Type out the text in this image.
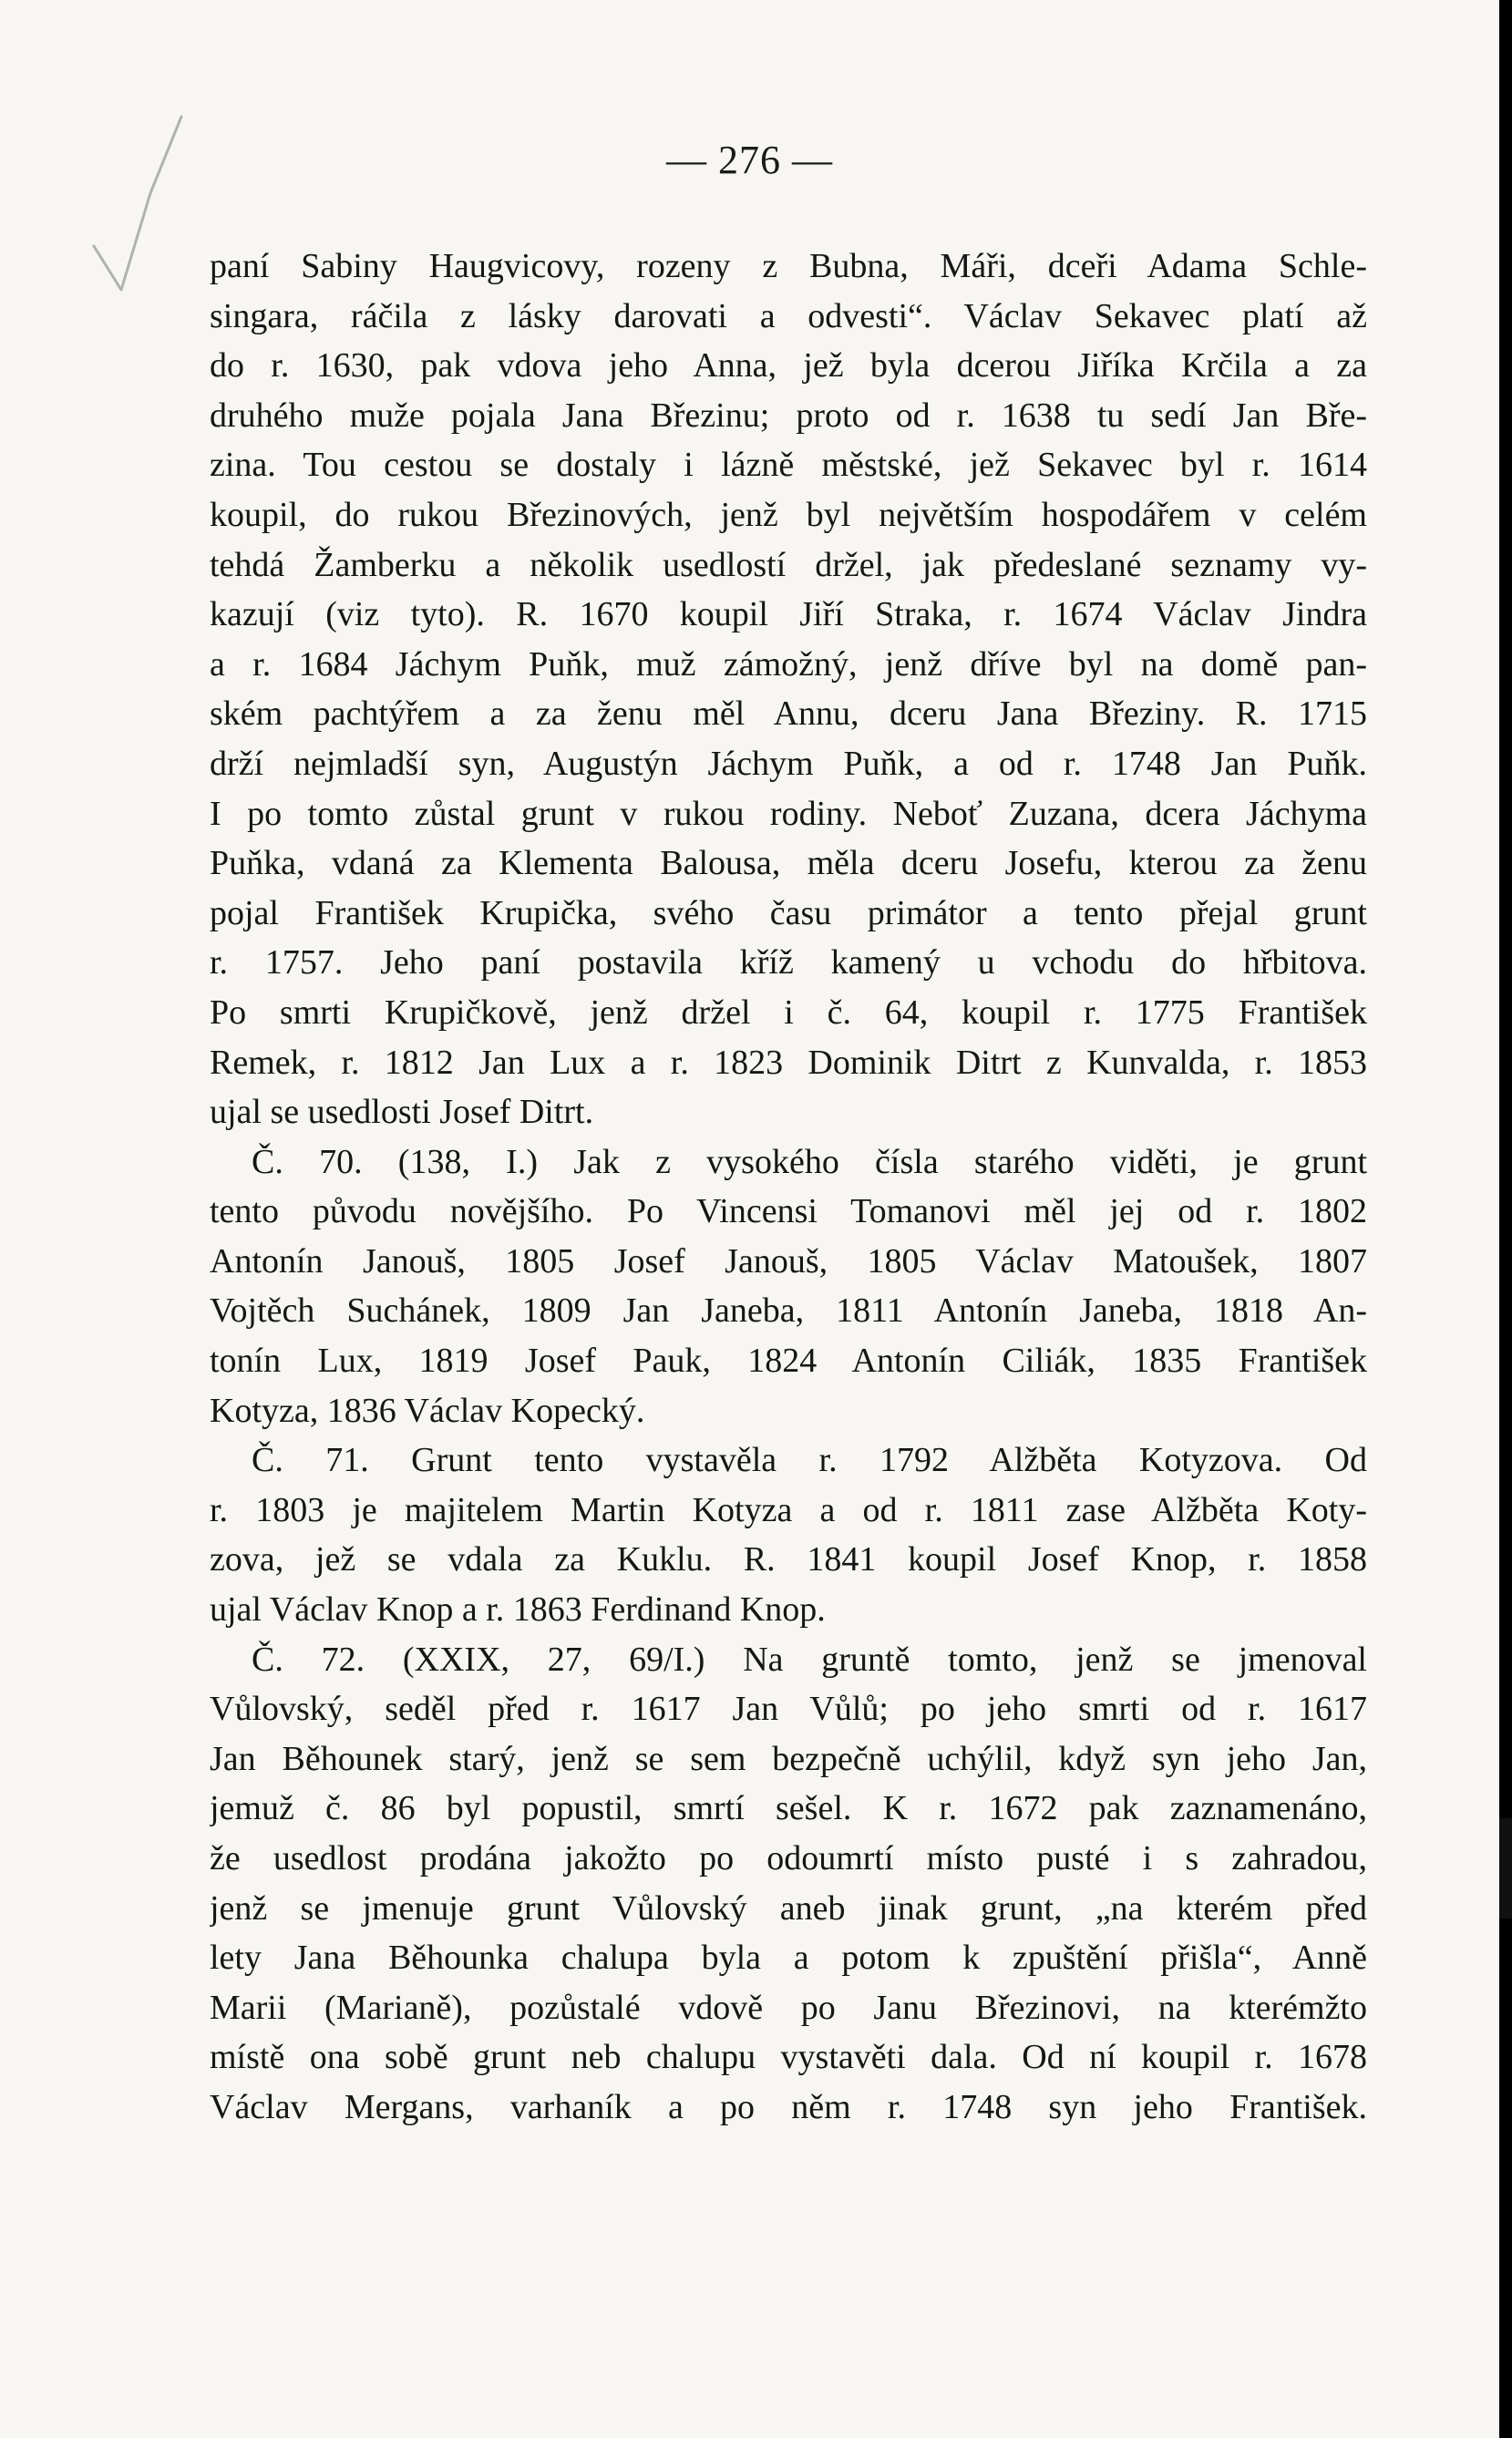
— 276 —
paní Sabiny Haugvicovy, rozeny z Bubna, Máři, dceři Adama Schle-
singara, ráčila z lásky darovati a odvesti“. Václav Sekavec platí až
do r. 1630, pak vdova jeho Anna, jež byla dcerou Jiříka Krčila a za
druhého muže pojala Jana Březinu; proto od r. 1638 tu sedí Jan Bře-
zina. Tou cestou se dostaly i lázně městské, jež Sekavec byl r. 1614
koupil, do rukou Březinových, jenž byl největším hospodářem v celém
tehdá Žamberku a několik usedlostí držel, jak předeslané seznamy vy-
kazují (viz tyto). R. 1670 koupil Jiří Straka, r. 1674 Václav Jindra
a r. 1684 Jáchym Puňk, muž zámožný, jenž dříve byl na domě pan-
ském pachtýřem a za ženu měl Annu, dceru Jana Březiny. R. 1715
drží nejmladší syn, Augustýn Jáchym Puňk, a od r. 1748 Jan Puňk.
I po tomto zůstal grunt v rukou rodiny. Neboť Zuzana, dcera Jáchyma
Puňka, vdaná za Klementa Balousa, měla dceru Josefu, kterou za ženu
pojal František Krupička, svého času primátor a tento přejal grunt
r. 1757. Jeho paní postavila kříž kamený u vchodu do hřbitova.
Po smrti Krupičkově, jenž držel i č. 64, koupil r. 1775 František
Remek, r. 1812 Jan Lux a r. 1823 Dominik Ditrt z Kunvalda, r. 1853
ujal se usedlosti Josef Ditrt.
Č. 70. (138, I.) Jak z vysokého čísla starého viděti, je grunt
tento původu novějšího. Po Vincensi Tomanovi měl jej od r. 1802
Antonín Janouš, 1805 Josef Janouš, 1805 Václav Matoušek, 1807
Vojtěch Suchánek, 1809 Jan Janeba, 1811 Antonín Janeba, 1818 An-
tonín Lux, 1819 Josef Pauk, 1824 Antonín Ciliák, 1835 František
Kotyza, 1836 Václav Kopecký.
Č. 71. Grunt tento vystavěla r. 1792 Alžběta Kotyzova. Od
r. 1803 je majitelem Martin Kotyza a od r. 1811 zase Alžběta Koty-
zova, jež se vdala za Kuklu. R. 1841 koupil Josef Knop, r. 1858
ujal Václav Knop a r. 1863 Ferdinand Knop.
Č. 72. (XXIX, 27, 69/I.) Na gruntě tomto, jenž se jmenoval
Vůlovský, seděl před r. 1617 Jan Vůlů; po jeho smrti od r. 1617
Jan Běhounek starý, jenž se sem bezpečně uchýlil, když syn jeho Jan,
jemuž č. 86 byl popustil, smrtí sešel. K r. 1672 pak zaznamenáno,
že usedlost prodána jakožto po odoumrtí místo pusté i s zahradou,
jenž se jmenuje grunt Vůlovský aneb jinak grunt, „na kterém před
lety Jana Běhounka chalupa byla a potom k zpuštění přišla“, Anně
Marii (Marianě), pozůstalé vdově po Janu Březinovi, na kterémžto
místě ona sobě grunt neb chalupu vystavěti dala. Od ní koupil r. 1678
Václav Mergans, varhaník a po něm r. 1748 syn jeho František.
